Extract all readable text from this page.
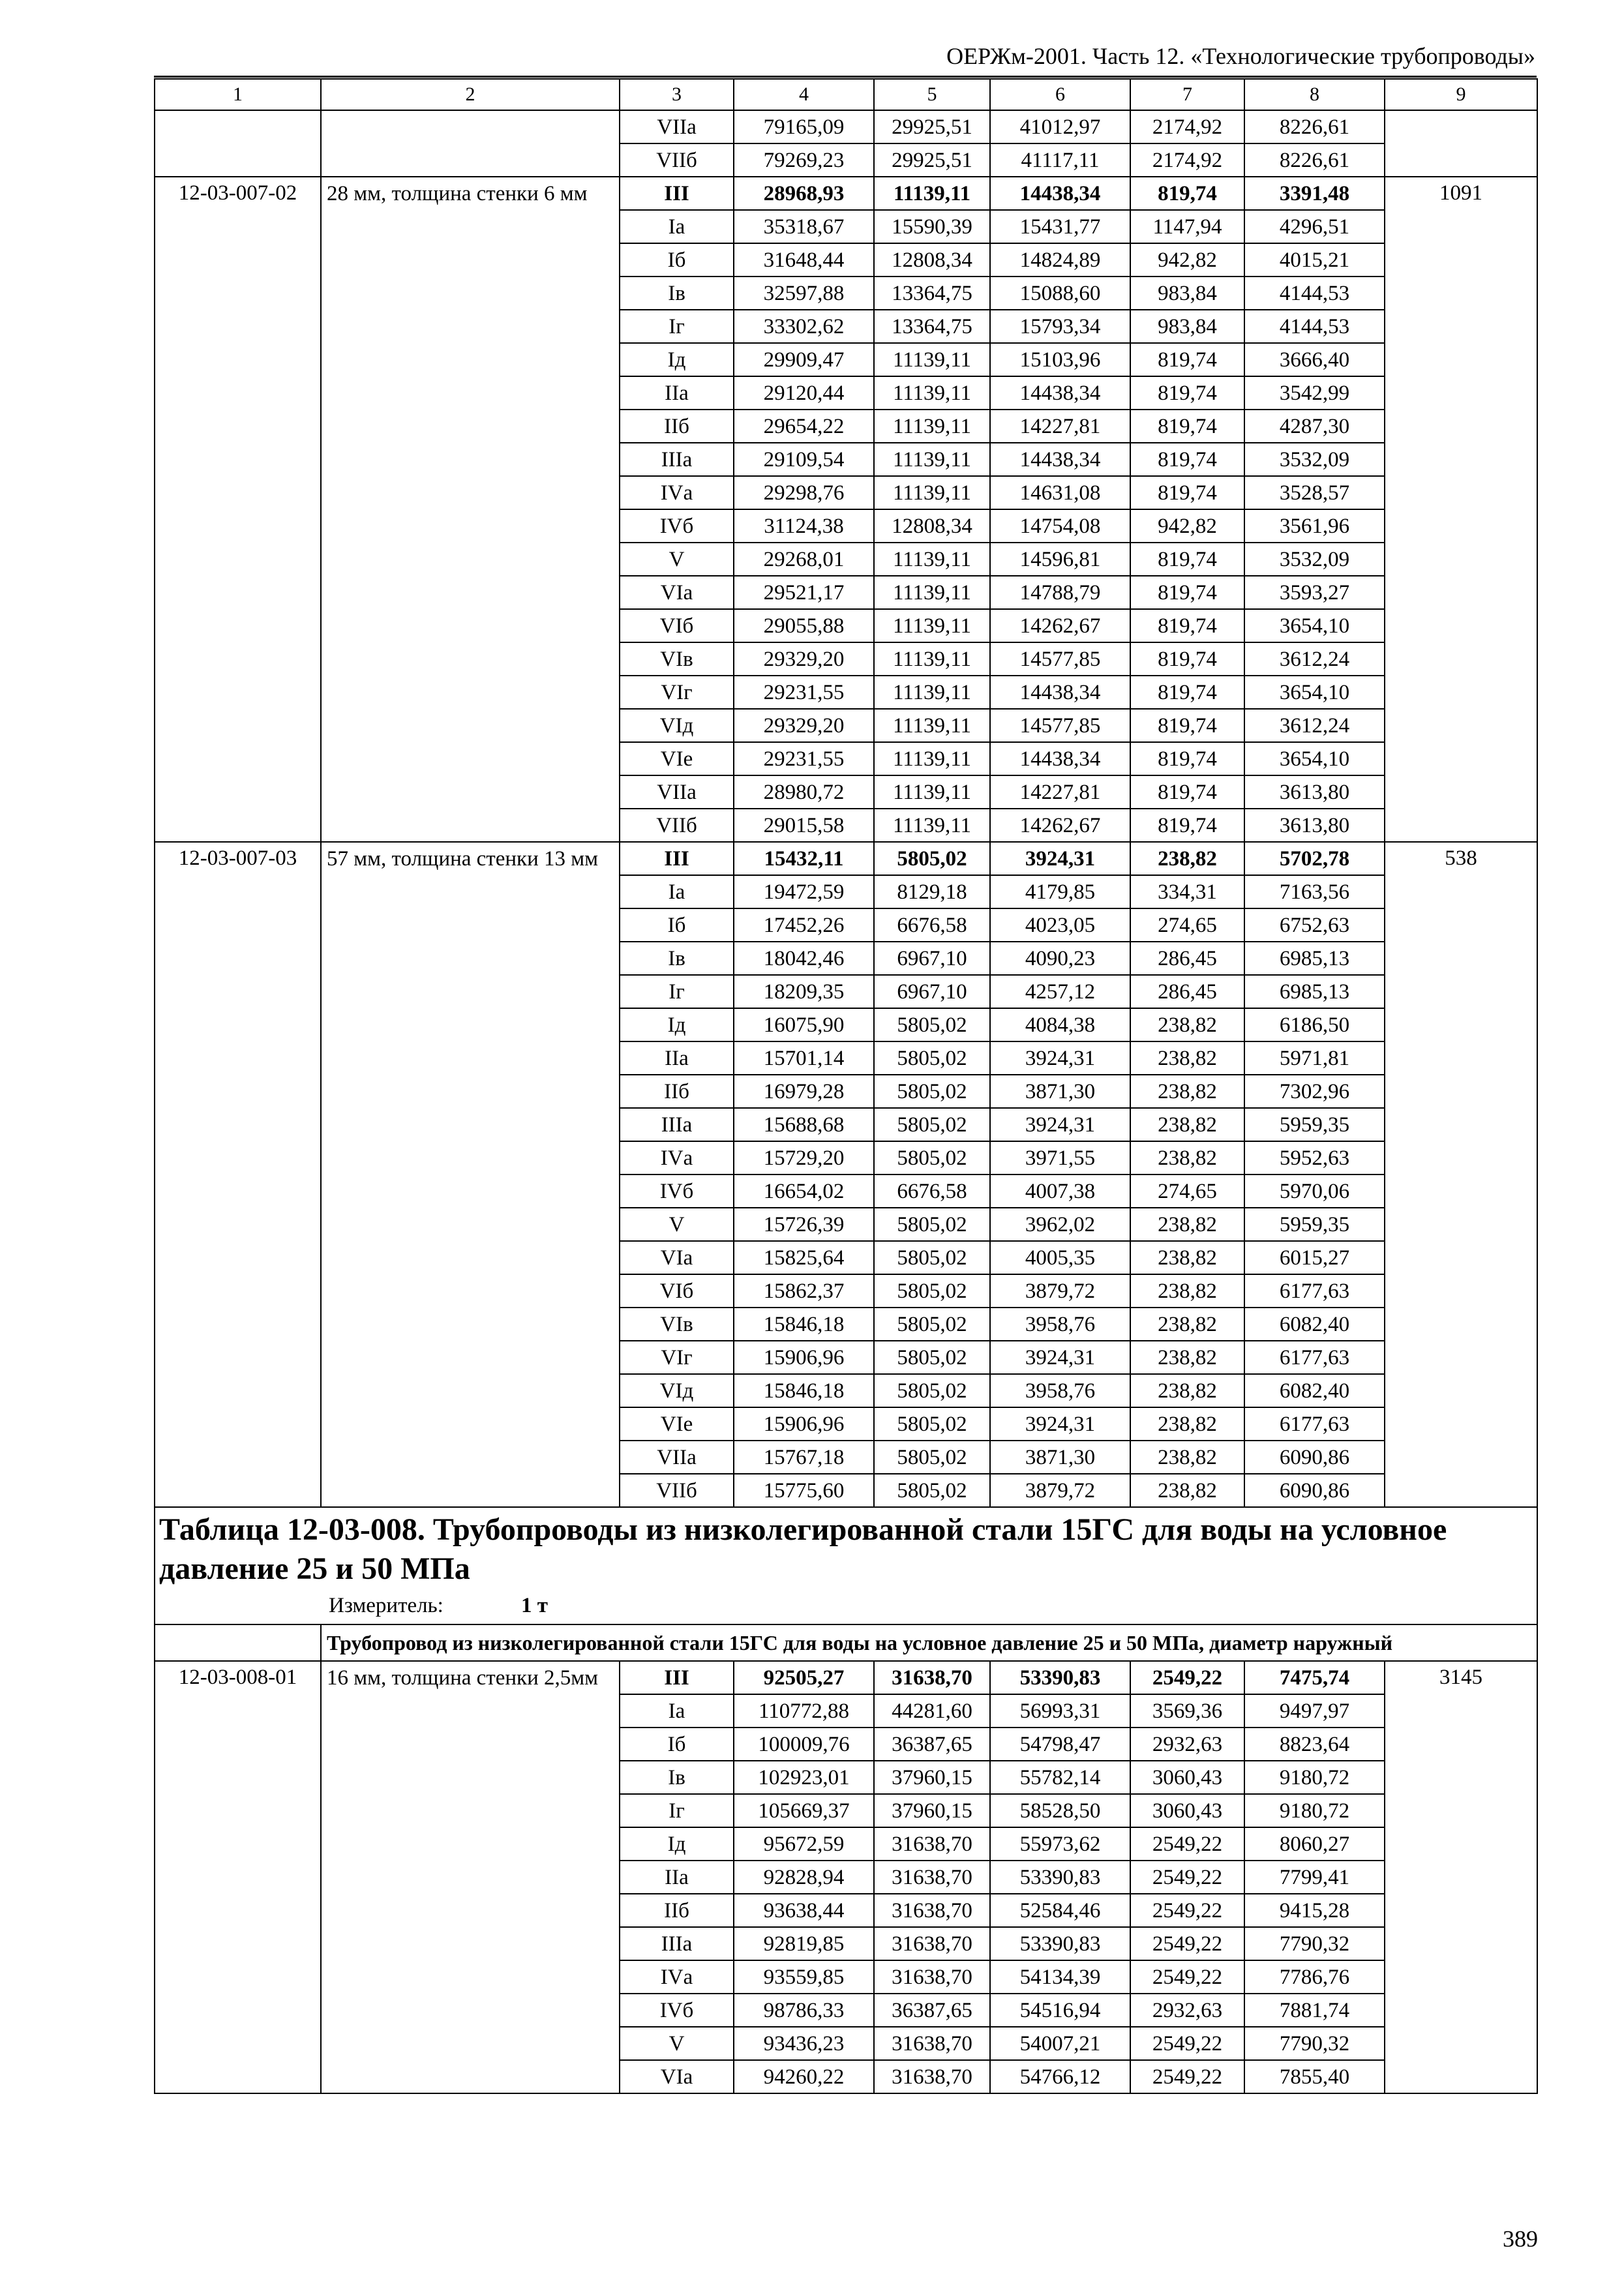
ОЕРЖм-2001. Часть 12. «Технологические трубопроводы»
1	2	3	4	5	6	7	8	9
		VIIа	79165,09	29925,51	41012,97	2174,92	8226,61	
		VIIб	79269,23	29925,51	41117,11	2174,92	8226,61	
12-03-007-02	28 мм, толщина стенки 6 мм	III	28968,93	11139,11	14438,34	819,74	3391,48	1091
		Iа	35318,67	15590,39	15431,77	1147,94	4296,51	
		Iб	31648,44	12808,34	14824,89	942,82	4015,21	
		Iв	32597,88	13364,75	15088,60	983,84	4144,53	
		Iг	33302,62	13364,75	15793,34	983,84	4144,53	
		Iд	29909,47	11139,11	15103,96	819,74	3666,40	
		IIа	29120,44	11139,11	14438,34	819,74	3542,99	
		IIб	29654,22	11139,11	14227,81	819,74	4287,30	
		IIIа	29109,54	11139,11	14438,34	819,74	3532,09	
		IVа	29298,76	11139,11	14631,08	819,74	3528,57	
		IVб	31124,38	12808,34	14754,08	942,82	3561,96	
		V	29268,01	11139,11	14596,81	819,74	3532,09	
		VIа	29521,17	11139,11	14788,79	819,74	3593,27	
		VIб	29055,88	11139,11	14262,67	819,74	3654,10	
		VIв	29329,20	11139,11	14577,85	819,74	3612,24	
		VIг	29231,55	11139,11	14438,34	819,74	3654,10	
		VIд	29329,20	11139,11	14577,85	819,74	3612,24	
		VIе	29231,55	11139,11	14438,34	819,74	3654,10	
		VIIа	28980,72	11139,11	14227,81	819,74	3613,80	
		VIIб	29015,58	11139,11	14262,67	819,74	3613,80	
12-03-007-03	57 мм, толщина стенки 13 мм	III	15432,11	5805,02	3924,31	238,82	5702,78	538
		Iа	19472,59	8129,18	4179,85	334,31	7163,56	
		Iб	17452,26	6676,58	4023,05	274,65	6752,63	
		Iв	18042,46	6967,10	4090,23	286,45	6985,13	
		Iг	18209,35	6967,10	4257,12	286,45	6985,13	
		Iд	16075,90	5805,02	4084,38	238,82	6186,50	
		IIа	15701,14	5805,02	3924,31	238,82	5971,81	
		IIб	16979,28	5805,02	3871,30	238,82	7302,96	
		IIIа	15688,68	5805,02	3924,31	238,82	5959,35	
		IVа	15729,20	5805,02	3971,55	238,82	5952,63	
		IVб	16654,02	6676,58	4007,38	274,65	5970,06	
		V	15726,39	5805,02	3962,02	238,82	5959,35	
		VIа	15825,64	5805,02	4005,35	238,82	6015,27	
		VIб	15862,37	5805,02	3879,72	238,82	6177,63	
		VIв	15846,18	5805,02	3958,76	238,82	6082,40	
		VIг	15906,96	5805,02	3924,31	238,82	6177,63	
		VIд	15846,18	5805,02	3958,76	238,82	6082,40	
		VIе	15906,96	5805,02	3924,31	238,82	6177,63	
		VIIа	15767,18	5805,02	3871,30	238,82	6090,86	
		VIIб	15775,60	5805,02	3879,72	238,82	6090,86	

Таблица 12-03-008. Трубопроводы из низколегированной стали 15ГС для воды на условное давление 25 и 50 МПа
Измеритель: 1 т								

	Трубопровод из низколегированной стали 15ГС для воды на условное давление 25 и 50 МПа, диаметр наружный							
12-03-008-01	16 мм, толщина стенки 2,5мм	III	92505,27	31638,70	53390,83	2549,22	7475,74	3145
		Iа	110772,88	44281,60	56993,31	3569,36	9497,97	
		Iб	100009,76	36387,65	54798,47	2932,63	8823,64	
		Iв	102923,01	37960,15	55782,14	3060,43	9180,72	
		Iг	105669,37	37960,15	58528,50	3060,43	9180,72	
		Iд	95672,59	31638,70	55973,62	2549,22	8060,27	
		IIа	92828,94	31638,70	53390,83	2549,22	7799,41	
		IIб	93638,44	31638,70	52584,46	2549,22	9415,28	
		IIIа	92819,85	31638,70	53390,83	2549,22	7790,32	
		IVа	93559,85	31638,70	54134,39	2549,22	7786,76	
		IVб	98786,33	36387,65	54516,94	2932,63	7881,74	
		V	93436,23	31638,70	54007,21	2549,22	7790,32	
		VIа	94260,22	31638,70	54766,12	2549,22	7855,40	
389
